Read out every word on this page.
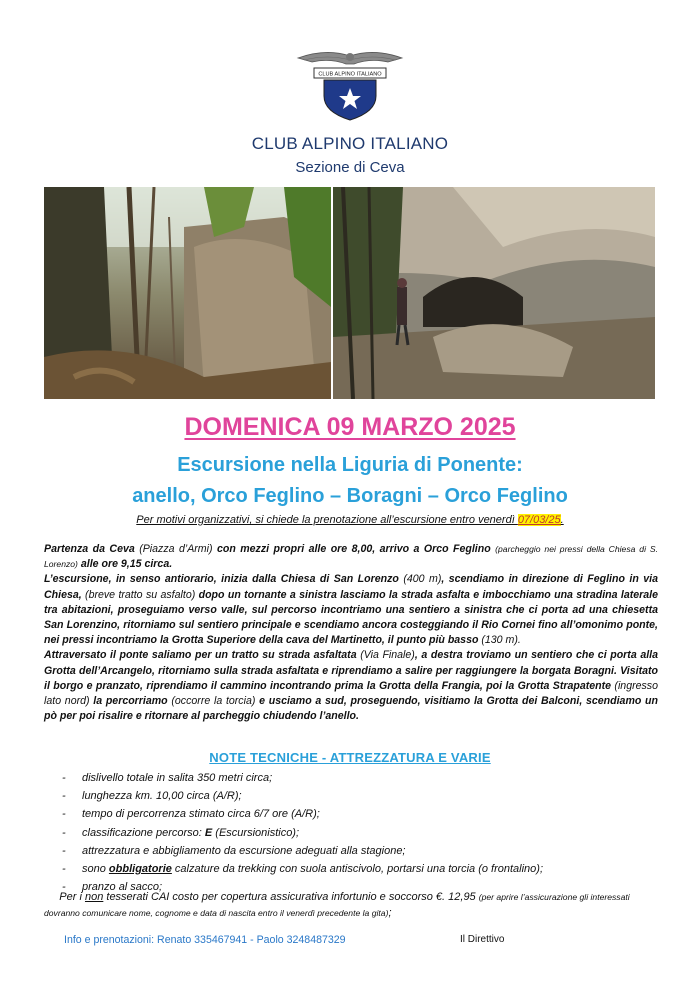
CLUB ALPINO ITALIANO
CLUB ALPINO ITALIANO
Sezione di Ceva
DOMENICA 09 MARZO 2025
Escursione nella Liguria di Ponente:
anello, Orco Feglino – Boragni – Orco Feglino
Per motivi organizzativi, si chiede la prenotazione all’escursione entro venerdì 07/03/25.
Partenza da Ceva (Piazza d’Armi) con mezzi propri alle ore 8,00, arrivo a Orco Feglino (parcheggio nei pressi della Chiesa di S. Lorenzo) alle ore 9,15 circa.
L’escursione, in senso antiorario, inizia dalla Chiesa di San Lorenzo (400 m), scendiamo in direzione di Feglino in via Chiesa, (breve tratto su asfalto) dopo un tornante a sinistra lasciamo la strada asfalta e imbocchiamo una stradina laterale tra abitazioni, proseguiamo verso valle, sul percorso incontriamo una sentiero a sinistra che ci porta ad una chiesetta San Lorenzino, ritorniamo sul sentiero principale e scendiamo ancora costeggiando il Rio Cornei fino all’omonimo ponte, nei pressi incontriamo la Grotta Superiore della cava del Martinetto, il punto più basso (130 m).
Attraversato il ponte saliamo per un tratto su strada asfaltata (Via Finale), a destra troviamo un sentiero che ci porta alla Grotta dell’Arcangelo, ritorniamo sulla strada asfaltata e riprendiamo a salire per raggiungere la borgata Boragni. Visitato il borgo e pranzato, riprendiamo il cammino incontrando prima la Grotta della Frangia, poi la Grotta Strapatente (ingresso lato nord) la percorriamo (occorre la torcia) e usciamo a sud, proseguendo, visitiamo la Grotta dei Balconi, scendiamo un pò per poi risalire e ritornare al parcheggio chiudendo l’anello.
NOTE TECNICHE - ATTREZZATURA E VARIE
- dislivello totale in salita 350 metri circa;
- lunghezza km. 10,00 circa (A/R);
- tempo di percorrenza stimato circa 6/7 ore (A/R);
- classificazione percorso: E (Escursionistico);
- attrezzatura e abbigliamento da escursione adeguati alla stagione;
- sono obbligatorie calzature da trekking con suola antiscivolo, portarsi una torcia (o frontalino);
- pranzo al sacco;
Per i non tesserati CAI costo per copertura assicurativa infortunio e soccorso €. 12,95 (per aprire l’assicurazione gli interessati dovranno comunicare nome, cognome e data di nascita entro il venerdì precedente la gita);
Info e prenotazioni: Renato 335467941 - Paolo 3248487329	Il Direttivo
